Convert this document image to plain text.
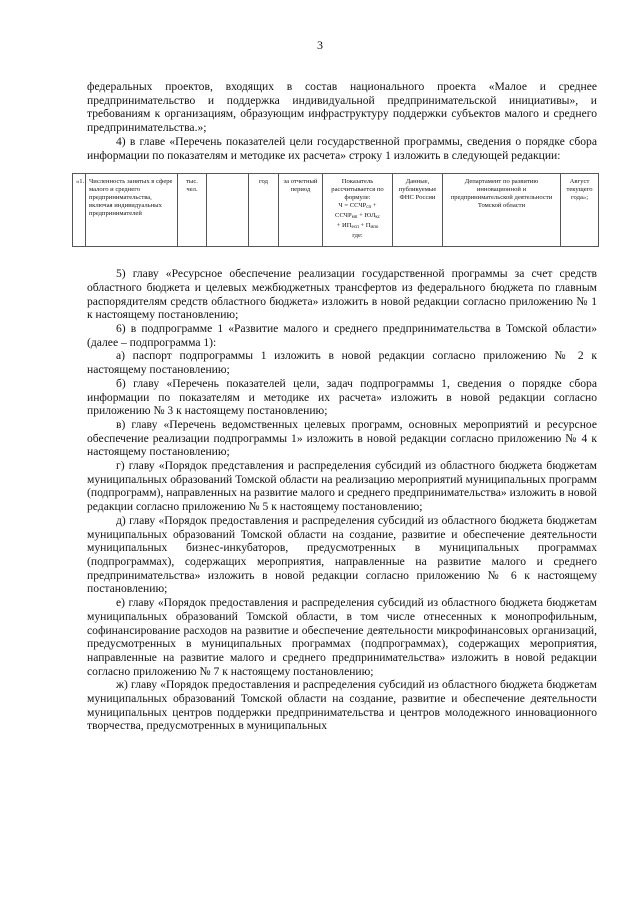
3

федеральных проектов, входящих в состав национального проекта «Малое и среднее предпринимательство и поддержка индивидуальной предпринимательской инициативы», и требованиям к организациям, образующим инфраструктуру поддержки субъектов малого и среднего предпринимательства.»;

4) в главе «Перечень показателей цели государственной программы, сведения о порядке сбора информации по показателям и методике их расчета» строку 1 изложить в следующей редакции:

«1.	Численность занятых в сфере малого и среднего предпринимательства, включая индивидуальных предпринимателей	тыс. чел.		год	за отчетный период	Показатель рассчитывается по формуле:
$Ч = ССЧР_{сп}$ +
$ССЧР_{мп} + ЮЛ_{кс}$
+ $ИП_{есп} + П_{ипо}$
где:	Данные, публикуемые ФНС России	Департамент по развитию инновационной и предпринимательской деятельности Томской области	Август текущего года»;

5) главу «Ресурсное обеспечение реализации государственной программы за счет средств областного бюджета и целевых межбюджетных трансфертов из федерального бюджета по главным распорядителям средств областного бюджета» изложить в новой редакции согласно приложению № 1 к настоящему постановлению;

6) в подпрограмме 1 «Развитие малого и среднего предпринимательства в Томской области» (далее – подпрограмма 1):

а) паспорт подпрограммы 1 изложить в новой редакции согласно приложению № 2 к настоящему постановлению;

б) главу «Перечень показателей цели, задач подпрограммы 1, сведения о порядке сбора информации по показателям и методике их расчета» изложить в новой редакции согласно приложению № 3 к настоящему постановлению;

в) главу «Перечень ведомственных целевых программ, основных мероприятий и ресурсное обеспечение реализации подпрограммы 1» изложить в новой редакции согласно приложению № 4 к настоящему постановлению;

г) главу «Порядок представления и распределения субсидий из областного бюджета бюджетам муниципальных образований Томской области на реализацию мероприятий муниципальных программ (подпрограмм), направленных на развитие малого и среднего предпринимательства» изложить в новой редакции согласно приложению № 5 к настоящему постановлению;

д) главу «Порядок предоставления и распределения субсидий из областного бюджета бюджетам муниципальных образований Томской области на создание, развитие и обеспечение деятельности муниципальных бизнес-инкубаторов, предусмотренных в муниципальных программах (подпрограммах), содержащих мероприятия, направленные на развитие малого и среднего предпринимательства» изложить в новой редакции согласно приложению № 6 к настоящему постановлению;

е) главу «Порядок предоставления и распределения субсидий из областного бюджета бюджетам муниципальных образований Томской области, в том числе отнесенных к монопрофильным, софинансирование расходов на развитие и обеспечение деятельности микрофинансовых организаций, предусмотренных в муниципальных программах (подпрограммах), содержащих мероприятия, направленные на развитие малого и среднего предпринимательства» изложить в новой редакции согласно приложению № 7 к настоящему постановлению;

ж) главу «Порядок предоставления и распределения субсидий из областного бюджета бюджетам муниципальных образований Томской области на создание, развитие и обеспечение деятельности муниципальных центров поддержки предпринимательства и центров молодежного инновационного творчества, предусмотренных в муниципальных
